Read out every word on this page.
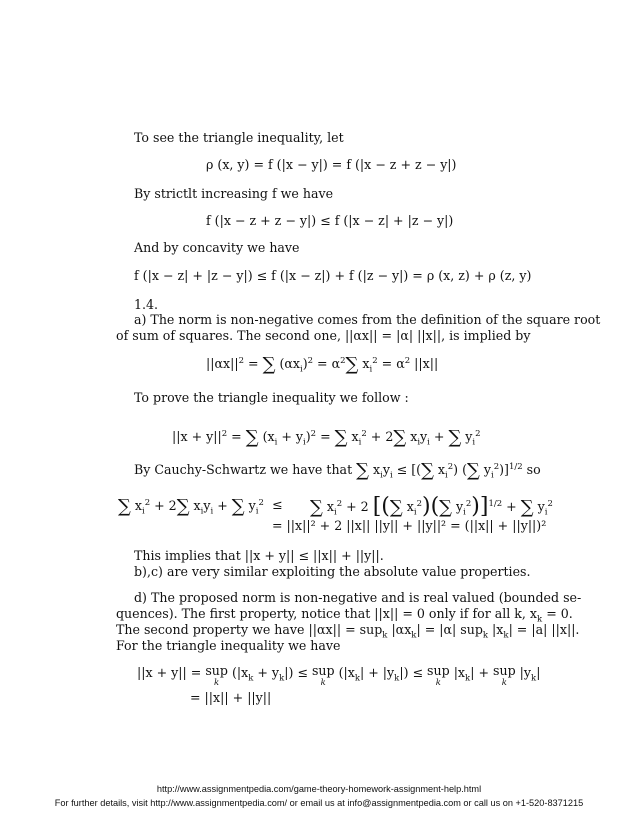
To see the triangle inequality, let
ρ (x, y) = f (|x − y|) = f (|x − z + z − y|)
By strictlt increasing f we have
f (|x − z + z − y|) ≤ f (|x − z| + |z − y|)
And by concavity we have
f (|x − z| + |z − y|) ≤ f (|x − z|) + f (|z − y|) = ρ (x, z) + ρ (z, y)
1.4.
a) The norm is non-negative comes from the definition of the square root
of sum of squares. The second one, ||αx|| = |α| ||x||, is implied by
$||\alpha x||^2$ = ∑ $(\alpha x_i)^2 = \alpha^2\sum$ $x_i^2 = \alpha^2$ ||x||
To prove the triangle inequality we follow :
$||x + y||^2$ = ∑ $(x_i + y_i)^2$ = ∑ $x_i^2 + 2\sum$ $x_iy_i$ + ∑ $y_i^2$
By Cauchy-Schwartz we have that ∑ $x_iy_i$ ≤ [(∑ $x_i^2$) (∑ $y_i^2)]^{1/2}$ so
∑ $x_i^2 + 2\sum$ $x_iy_i$ + ∑ $y_i^2$ ≤ ∑ $x_i^2 + 2$ [(∑ $x_i^2)(\sum$ $y_i^2)]^{1/2}$ + ∑ $y_i^2$
= ||x||² + 2 ||x|| ||y|| + ||y||² = (||x|| + ||y||)²
This implies that ||x + y|| ≤ ||x|| + ||y||.
b),c) are very similar exploiting the absolute value properties.
d) The proposed norm is non-negative and is real valued (bounded se-
quences). The first property, notice that ||x|| = 0 only if for all k, $x_k = 0$.
The second property we have ||αx|| = sup$_k$ $|\alpha x_k| = |\alpha|$ sup$_k$ $|x_k| = |a|$ ||x||.
For the triangle inequality we have
||x + y|| = sup
k
$(|x_k + y_k|)$ ≤ sup
k
$(|x_k| + |y_k|)$ ≤ sup
k
$|x_k|$ + sup
k
$|y_k|$
= ||x|| + ||y||
http://www.assignmentpedia.com/game-theory-homework-assignment-help.html
For further details, visit http://www.assignmentpedia.com/ or email us at info@assignmentpedia.com or call us on +1-520-8371215
